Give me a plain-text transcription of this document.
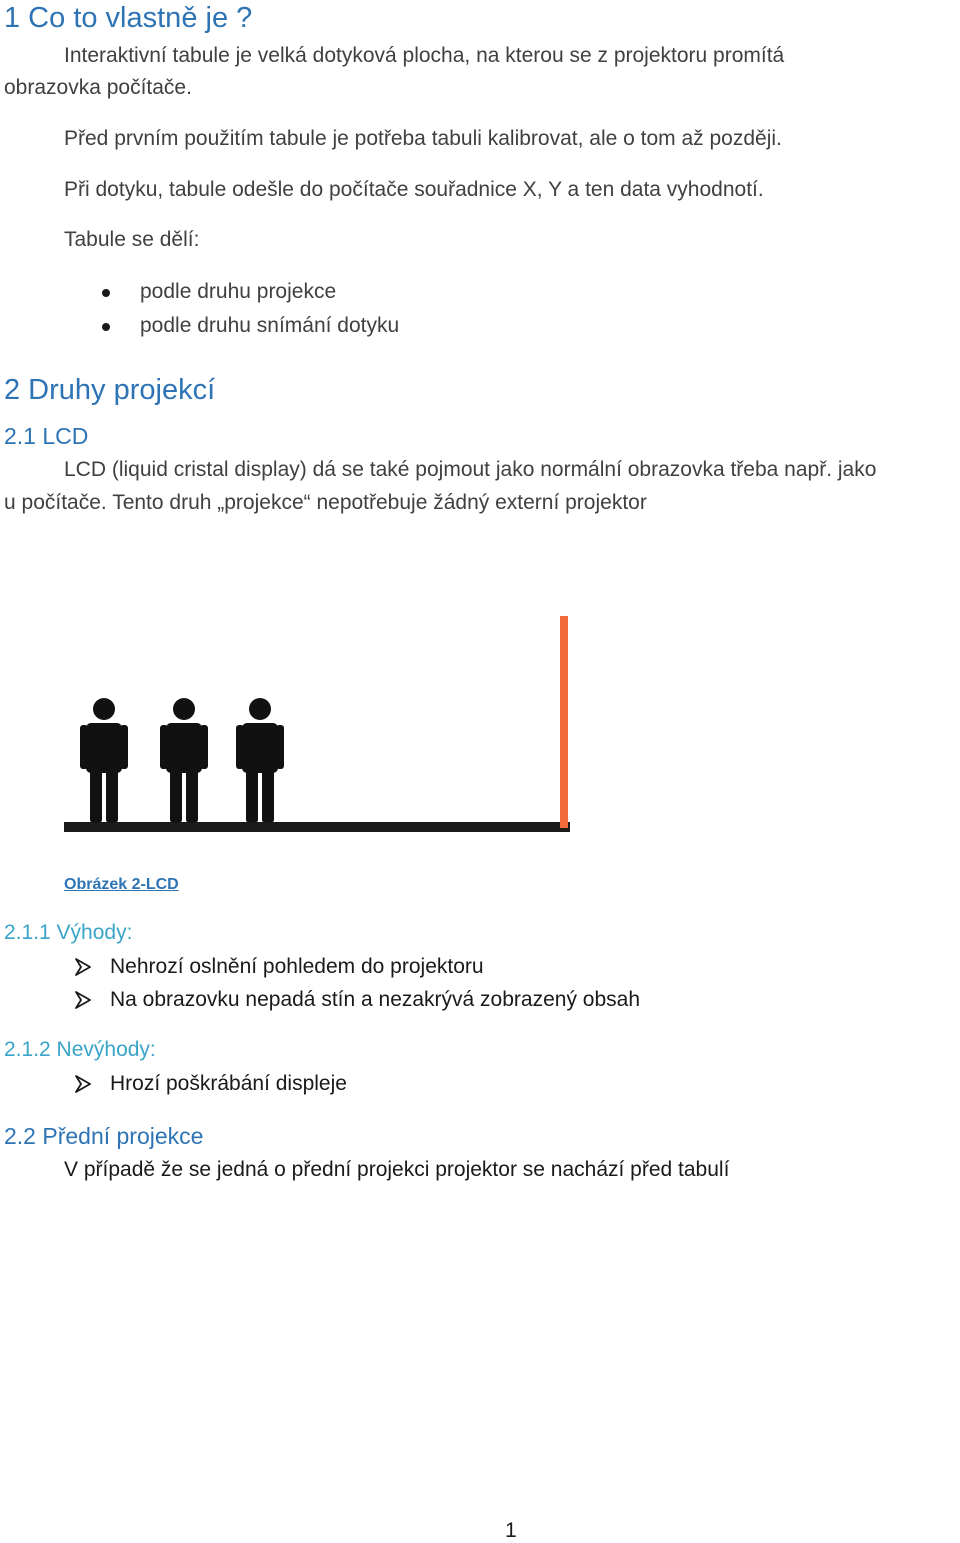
1 Co to vlastně je ?
Interaktivní tabule je velká dotyková plocha, na kterou se z projektoru promítá
obrazovka počítače.
Před prvním použitím tabule je potřeba tabuli kalibrovat, ale o tom až později.
Při dotyku, tabule odešle do počítače souřadnice X, Y a ten data vyhodnotí.
Tabule se dělí:
podle druhu projekce
podle druhu snímání dotyku
2 Druhy projekcí
2.1 LCD
LCD (liquid cristal display) dá se také pojmout jako normální obrazovka třeba např. jako
u počítače. Tento druh „projekce“ nepotřebuje žádný externí projektor
Obrázek 2-LCD
2.1.1 Výhody:
Nehrozí oslnění pohledem do projektoru
Na obrazovku nepadá stín a nezakrývá zobrazený obsah
2.1.2 Nevýhody:
Hrozí poškrábání displeje
2.2 Přední projekce
V případě že se jedná o přední projekci projektor se nachází před tabulí
1
